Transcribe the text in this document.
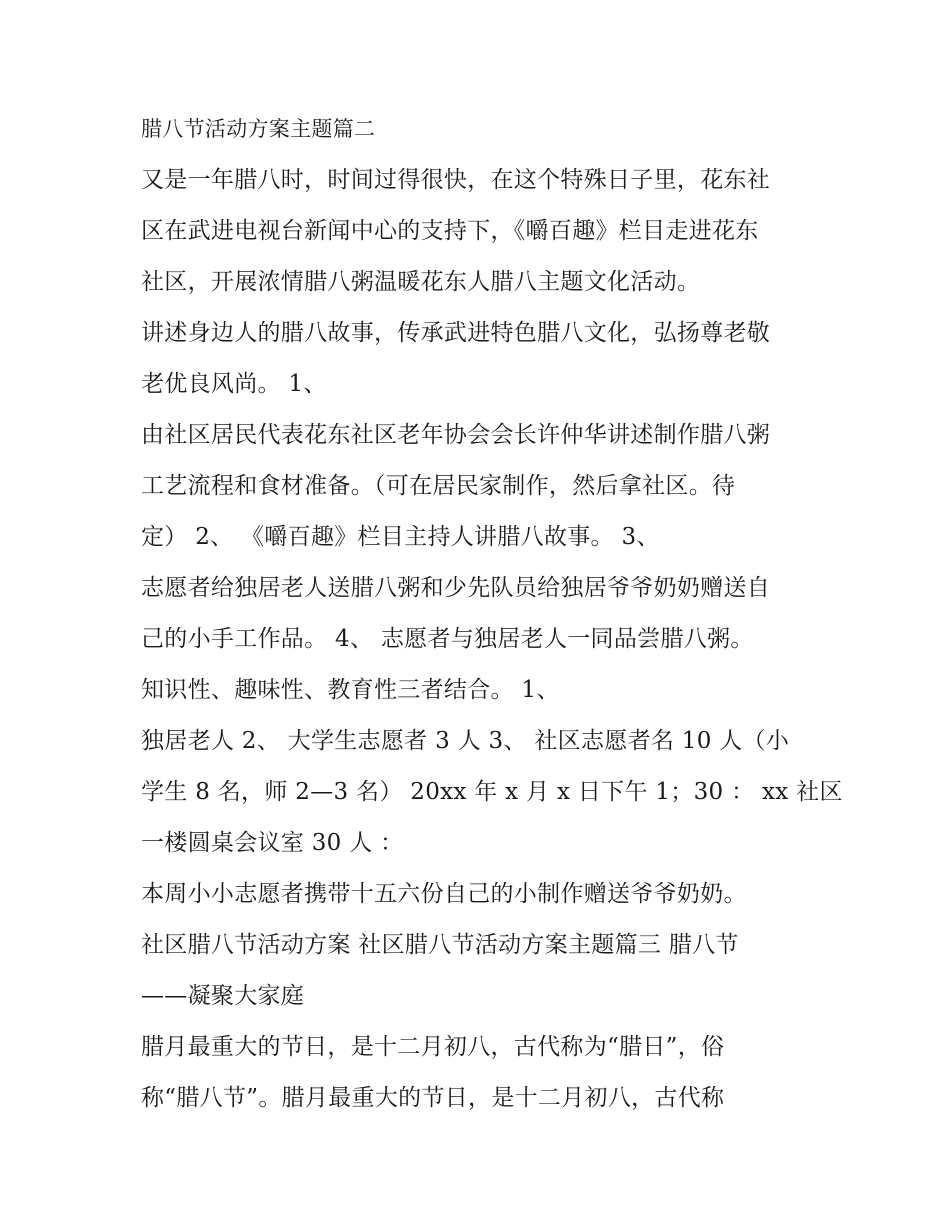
腊八节活动方案主题篇二
又是一年腊八时，时间过得很快，在这个特殊日子里，花东社
区在武进电视台新闻中心的支持下，《嚼百趣》栏目走进花东
社区，开展浓情腊八粥温暖花东人腊八主题文化活动。
讲述身边人的腊八故事，传承武进特色腊八文化，弘扬尊老敬
老优良风尚。 1、
由社区居民代表花东社区老年协会会长许仲华讲述制作腊八粥
工艺流程和食材准备。（可在居民家制作，然后拿社区。待
定） 2、 《嚼百趣》栏目主持人讲腊八故事。 3、
志愿者给独居老人送腊八粥和少先队员给独居爷爷奶奶赠送自
己的小手工作品。 4、 志愿者与独居老人一同品尝腊八粥。
知识性、趣味性、教育性三者结合。 1、
独居老人 2、 大学生志愿者 3 人 3、 社区志愿者名 10 人（小
学生 8 名，师 2—3 名） 20xx 年 x 月 x 日下午 1；30 ： xx 社区
一楼圆桌会议室 30 人 ：
本周小小志愿者携带十五六份自己的小制作赠送爷爷奶奶。
社区腊八节活动方案 社区腊八节活动方案主题篇三 腊八节
——凝聚大家庭
腊月最重大的节日，是十二月初八，古代称为“腊日”，俗
称“腊八节”。腊月最重大的节日，是十二月初八，古代称
